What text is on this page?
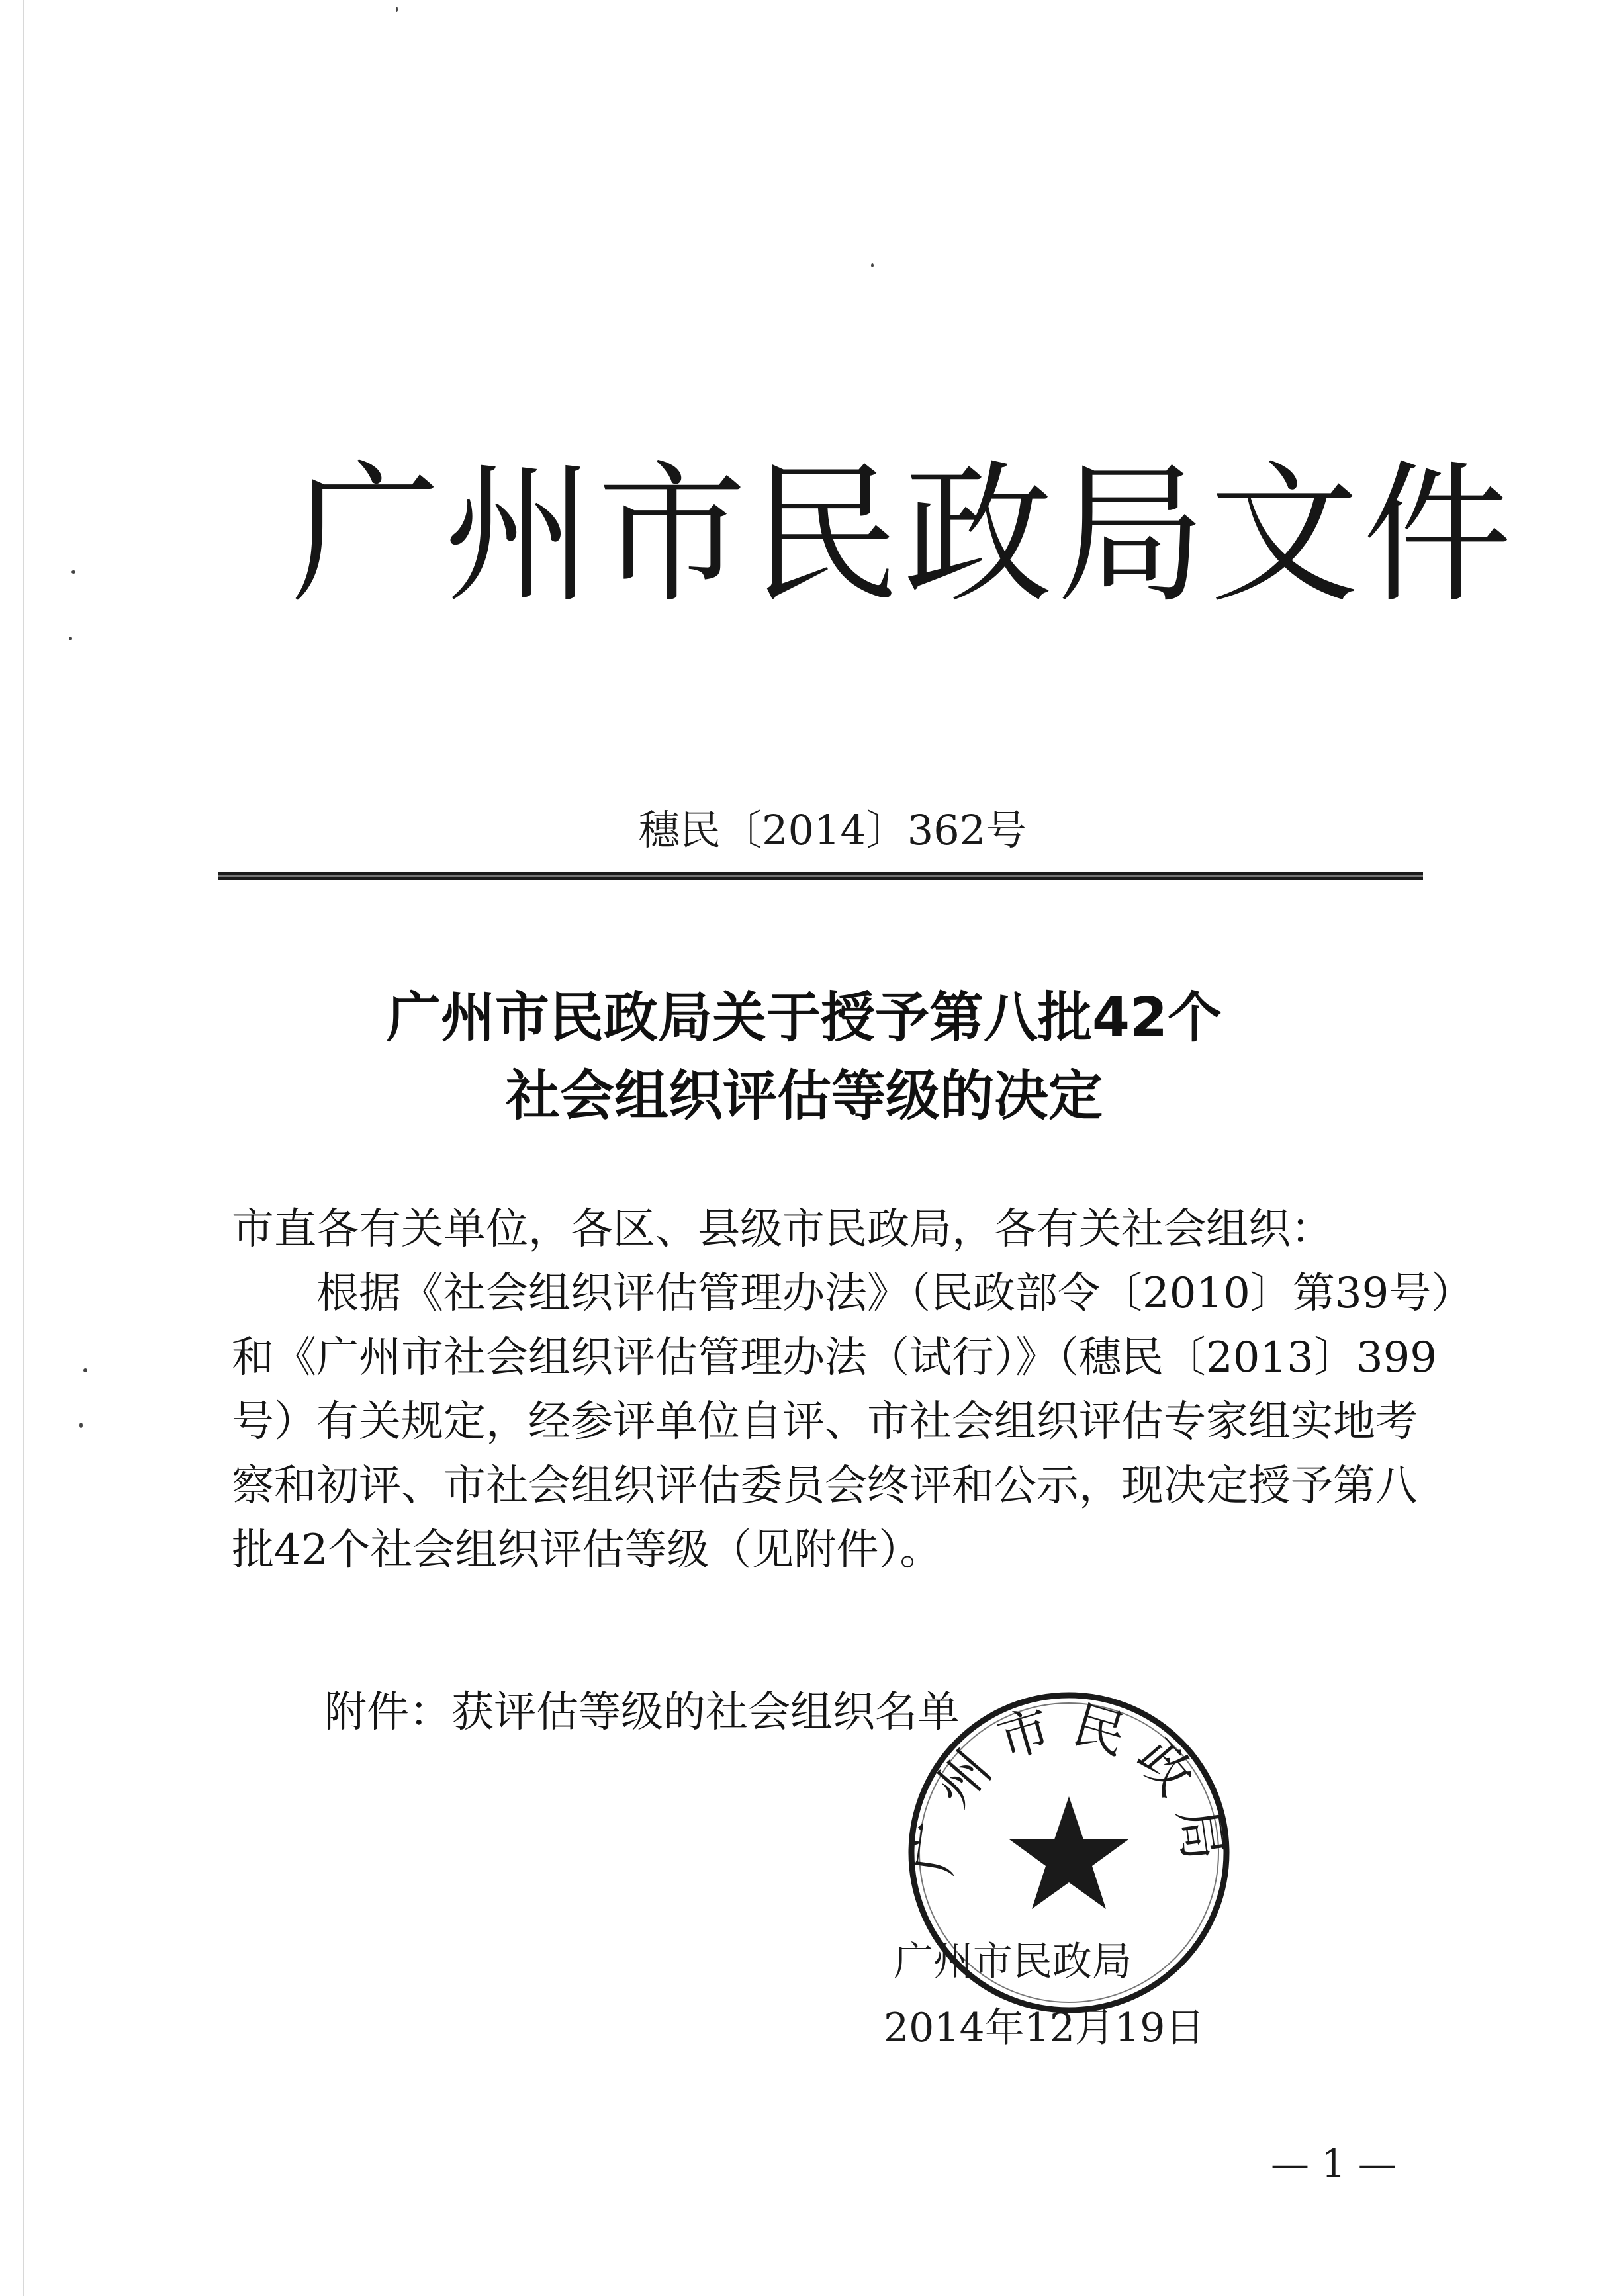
广州市民政局文件
穗民〔2014〕362号
广州市民政局关于授予第八批42个
社会组织评估等级的决定
市直各有关单位，各区、县级市民政局，各有关社会组织：
根据《社会组织评估管理办法》（民政部令〔2010〕第39号）
和《广州市社会组织评估管理办法（试行）》（穗民〔2013〕399
号）有关规定，经参评单位自评、市社会组织评估专家组实地考
察和初评、市社会组织评估委员会终评和公示，现决定授予第八
批42个社会组织评估等级（见附件）。
附件：获评估等级的社会组织名单
广州市民政局
广州市民政局
2014年12月19日
— 1 —
